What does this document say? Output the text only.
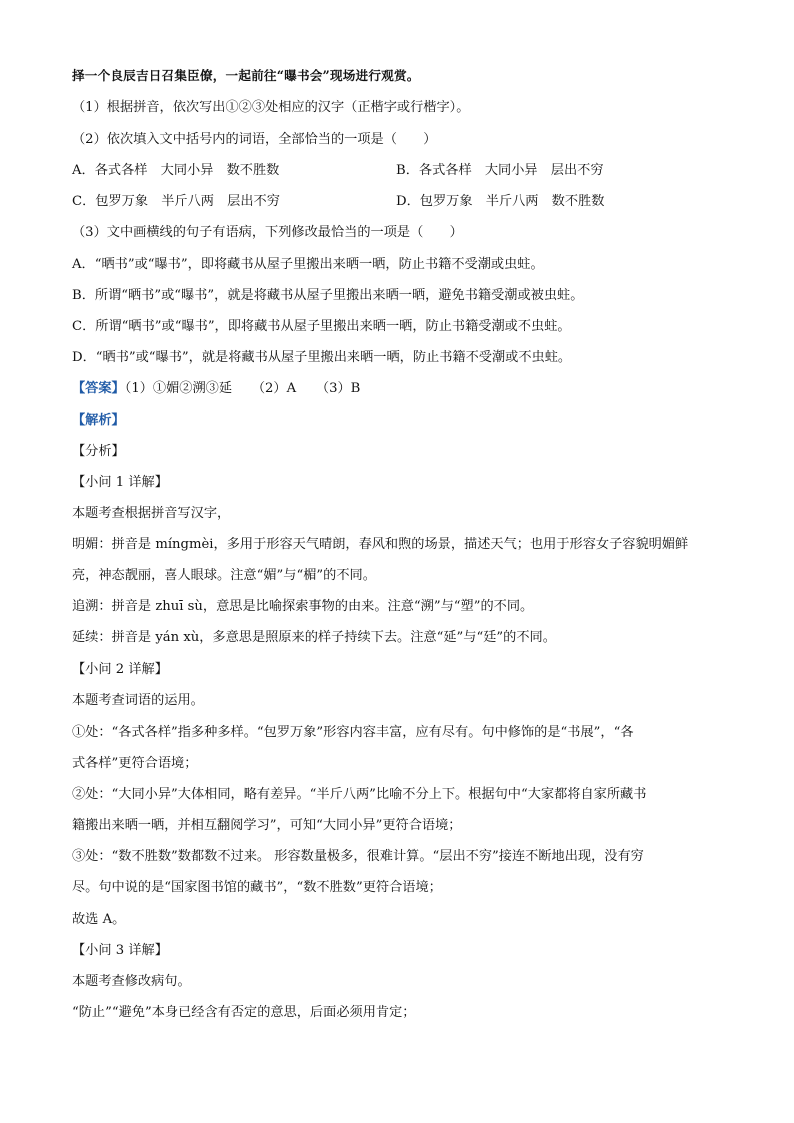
择一个良辰吉日召集臣僚，一起前往“曝书会”现场进行观赏。
（1）根据拼音，依次写出①②③处相应的汉字（正楷字或行楷字）。
（2）依次填入文中括号内的词语，全部恰当的一项是（　　）
A．各式各样　大同小异　数不胜数	B．各式各样　大同小异　层出不穷
C．包罗万象　半斤八两　层出不穷	D．包罗万象　半斤八两　数不胜数
（3）文中画横线的句子有语病，下列修改最恰当的一项是（　　）
A．“晒书”或“曝书”，即将藏书从屋子里搬出来晒一晒，防止书籍不受潮或虫蛀。
B．所谓“晒书”或“曝书”，就是将藏书从屋子里搬出来晒一晒，避免书籍受潮或被虫蛀。
C．所谓“晒书”或“曝书”，即将藏书从屋子里搬出来晒一晒，防止书籍受潮或不虫蛀。
D．“晒书”或“曝书”，就是将藏书从屋子里搬出来晒一晒，防止书籍不受潮或不虫蛀。
【答案】（1）①媚②溯③延　　（2）A　　（3）B
【解析】
【分析】
【小问 1 详解】
本题考查根据拼音写汉字，
明媚：拼音是 míngmèi，多用于形容天气晴朗，春风和煦的场景，描述天气；也用于形容女子容貌明媚鲜
亮，神态靓丽，喜人眼球。注意“媚”与“楣”的不同。
追溯：拼音是 zhuī sù，意思是比喻探索事物的由来。注意“溯”与“塑”的不同。
延续：拼音是 yán xù，多意思是照原来的样子持续下去。注意“延”与“廷”的不同。
【小问 2 详解】
本题考查词语的运用。
①处：“各式各样”指多种多样。“包罗万象”形容内容丰富，应有尽有。句中修饰的是“书展”，“各
式各样”更符合语境；
②处：“大同小异”大体相同，略有差异。“半斤八两”比喻不分上下。根据句中“大家都将自家所藏书
籍搬出来晒一晒，并相互翻阅学习”，可知“大同小异”更符合语境；
③处：“数不胜数”数都数不过来。 形容数量极多，很难计算。“层出不穷”接连不断地出现，没有穷
尽。句中说的是“国家图书馆的藏书”，“数不胜数”更符合语境；
故选 A。
【小问 3 详解】
本题考查修改病句。
“防止”“避免”本身已经含有否定的意思，后面必须用肯定；
